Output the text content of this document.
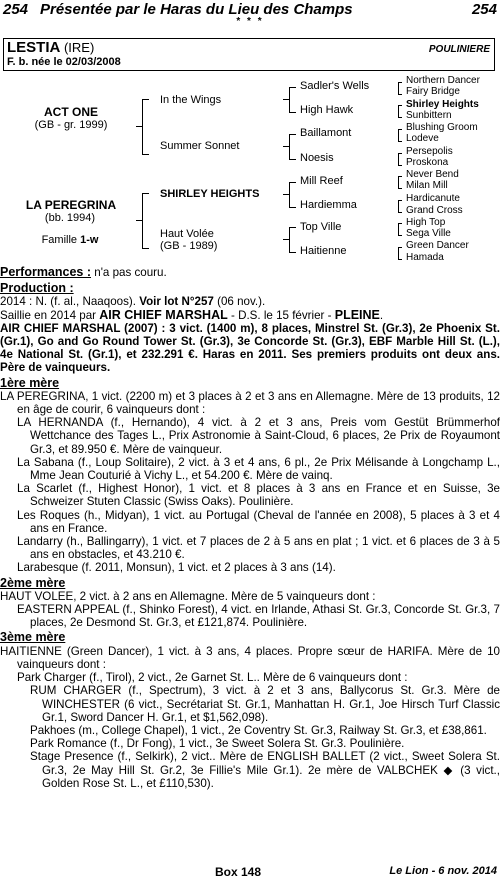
254 Présentée par le Haras du Lieu des Champs	254
* * *
LESTIA (IRE)
F. b. née le 02/03/2008
POULINIERE
ACT ONE
(GB - gr. 1999)
LA PEREGRINA
(bb. 1994)
Famille 1-w
In the Wings
Summer Sonnet
SHIRLEY HEIGHTS
Haut Volée
(GB - 1989)
Sadler's Wells
High Hawk
Baillamont
Noesis
Mill Reef
Hardiemma
Top Ville
Haitienne
Northern Dancer
Fairy Bridge
Shirley Heights
Sunbittern
Blushing Groom
Lodeve
Persepolis
Proskona
Never Bend
Milan Mill
Hardicanute
Grand Cross
High Top
Sega Ville
Green Dancer
Hamada

Performances : n'a pas couru.

Production :

2014 : N. (f. al., Naaqoos). Voir lot N°257 (06 nov.).

Saillie en 2014 par AIR CHIEF MARSHAL - D.S. le 15 février - PLEINE.

AIR CHIEF MARSHAL (2007) : 3 vict. (1400 m), 8 places, Minstrel St. (Gr.3), 2e Phoenix St. (Gr.1), Go and Go Round Tower St. (Gr.3), 3e Concorde St. (Gr.3), EBF Marble Hill St. (L.), 4e National St. (Gr.1), et 232.291 €. Haras en 2011. Ses premiers produits ont deux ans. Père de vainqueurs.

1ère mère

LA PEREGRINA, 1 vict. (2200 m) et 3 places à 2 et 3 ans en Allemagne. Mère de 13 produits, 12 en âge de courir, 6 vainqueurs dont :

LA HERNANDA (f., Hernando), 4 vict. à 2 et 3 ans, Preis vom Gestüt Brümmerhof Wettchance des Tages L., Prix Astronomie à Saint-Cloud, 6 places, 2e Prix de Royaumont Gr.3, et 89.950 €. Mère de vainqueur.

La Sabana (f., Loup Solitaire), 2 vict. à 3 et 4 ans, 6 pl., 2e Prix Mélisande à Longchamp L., Mme Jean Couturié à Vichy L., et 54.200 €. Mère de vainq.

La Scarlet (f., Highest Honor), 1 vict. et 8 places à 3 ans en France et en Suisse, 3e Schweizer Stuten Classic (Swiss Oaks). Poulinière.

Les Roques (h., Midyan), 1 vict. au Portugal (Cheval de l'année en 2008), 5 places à 3 et 4 ans en France.

Landarry (h., Ballingarry), 1 vict. et 7 places de 2 à 5 ans en plat ; 1 vict. et 6 places de 3 à 5 ans en obstacles, et 43.210 €.

Larabesque (f. 2011, Monsun), 1 vict. et 2 places à 3 ans (14).

2ème mère

HAUT VOLEE, 2 vict. à 2 ans en Allemagne. Mère de 5 vainqueurs dont :

EASTERN APPEAL (f., Shinko Forest), 4 vict. en Irlande, Athasi St. Gr.3, Concorde St. Gr.3, 7 places, 2e Desmond St. Gr.3, et £121,874. Poulinière.

3ème mère

HAITIENNE (Green Dancer), 1 vict. à 3 ans, 4 places. Propre sœur de HARIFA. Mère de 10 vainqueurs dont :

Park Charger (f., Tirol), 2 vict., 2e Garnet St. L.. Mère de 6 vainqueurs dont :

RUM CHARGER (f., Spectrum), 3 vict. à 2 et 3 ans, Ballycorus St. Gr.3. Mère de WINCHESTER (6 vict., Secrétariat St. Gr.1, Manhattan H. Gr.1, Joe Hirsch Turf Classic Gr.1, Sword Dancer H. Gr.1, et $1,562,098).

Pakhoes (m., College Chapel), 1 vict., 2e Coventry St. Gr.3, Railway St. Gr.3, et £38,861.

Park Romance (f., Dr Fong), 1 vict., 3e Sweet Solera St. Gr.3. Poulinière.

Stage Presence (f., Selkirk), 2 vict.. Mère de ENGLISH BALLET (2 vict., Sweet Solera St. Gr.3, 2e May Hill St. Gr.2, 3e Fillie's Mile Gr.1). 2e mère de VALBCHEK ◆ (3 vict., Golden Rose St. L., et £110,530).

Box 148	Le Lion - 6 nov. 2014
